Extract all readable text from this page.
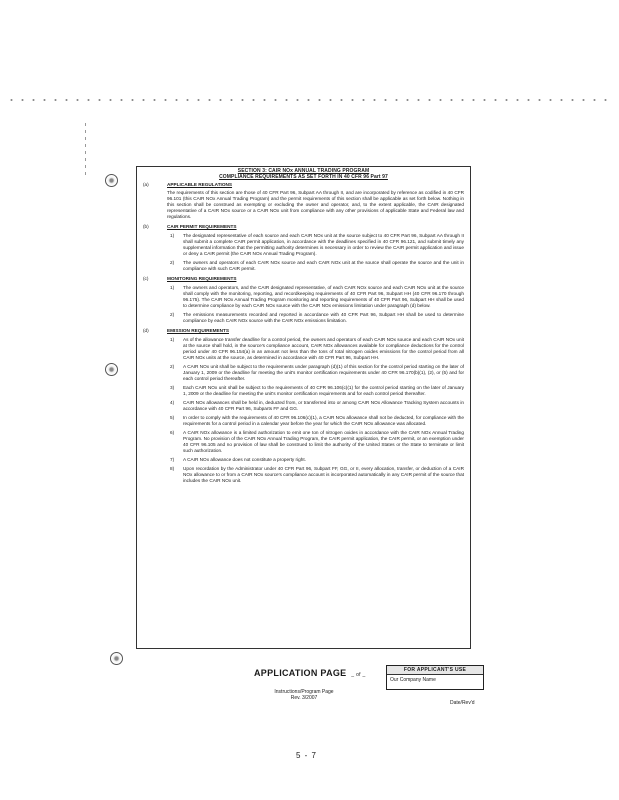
SECTION 3: CAIR NOx ANNUAL TRADING PROGRAM
COMPLIANCE REQUIREMENTS AS SET FORTH IN 40 CFR 96 Part 97
(a)	APPLICABLE REGULATIONS
The requirements of this section are those of 40 CFR Part 96, Subpart AA through II, and are incorporated by reference as codified in 40 CFR 96.101 (this CAIR NOx Annual Trading Program) and the permit requirements of this section shall be applicable as set forth below. Nothing in this section shall be construed as exempting or excluding the owner and operator, and, to the extent applicable, the CAIR designated representative of a CAIR NOx source or a CAIR NOx unit from compliance with any other provisions of applicable State and Federal law and regulations.
(b)	CAIR PERMIT REQUIREMENTS
1) The designated representative of each source and each CAIR NOx unit at the source subject to 40 CFR Part 96, Subpart AA through II shall submit a complete CAIR permit application, in accordance with the deadlines specified in 40 CFR 96.121, and submit timely any supplemental information that the permitting authority determines is necessary in order to review the CAIR permit application and issue or deny a CAIR permit (the CAIR NOx Annual Trading Program).
2) The owners and operators of each CAIR NOx source and each CAIR NOx unit at the source shall operate the source and the unit in compliance with such CAIR permit.
(c)	MONITORING REQUIREMENTS
1) The owners and operators, and the CAIR designated representative, of each CAIR NOx source and each CAIR NOx unit at the source shall comply with the monitoring, reporting, and recordkeeping requirements of 40 CFR Part 96, Subpart HH (40 CFR 96.170 through 96.175). The CAIR NOx Annual Trading Program monitoring and reporting requirements of 40 CFR Part 96, Subpart HH shall be used to determine compliance by each CAIR NOx source with the CAIR NOx emissions limitation under paragraph (d) below.
2) The emissions measurements recorded and reported in accordance with 40 CFR Part 96, Subpart HH shall be used to determine compliance by each CAIR NOx source with the CAIR NOx emissions limitation.
(d)	EMISSION REQUIREMENTS
1) As of the allowance transfer deadline for a control period, the owners and operators of each CAIR NOx source and each CAIR NOx unit at the source shall hold, in the source's compliance account, CAIR NOx allowances available for compliance deductions for the control period under 40 CFR 96.154(a) in an amount not less than the tons of total nitrogen oxides emissions for the control period from all CAIR NOx units at the source, as determined in accordance with 40 CFR Part 96, Subpart HH.
2) A CAIR NOx unit shall be subject to the requirements under paragraph (d)(1) of this section for the control period starting on the later of January 1, 2009 or the deadline for meeting the unit's monitor certification requirements under 40 CFR 96.170(b)(1), (2), or (5) and for each control period thereafter.
3) Each CAIR NOx unit shall be subject to the requirements of 40 CFR 96.106(c)(1) for the control period starting on the later of January 1, 2009 or the deadline for meeting the unit's monitor certification requirements and for each control period thereafter.
4) CAIR NOx allowances shall be held in, deducted from, or transferred into or among CAIR NOx Allowance Tracking System accounts in accordance with 40 CFR Part 96, Subparts FF and GG.
5) In order to comply with the requirements of 40 CFR 96.106(c)(1), a CAIR NOx allowance shall not be deducted, for compliance with the requirements for a control period in a calendar year before the year for which the CAIR NOx allowance was allocated.
6) A CAIR NOx allowance is a limited authorization to emit one ton of nitrogen oxides in accordance with the CAIR NOx Annual Trading Program. No provision of the CAIR NOx Annual Trading Program, the CAIR permit application, the CAIR permit, or an exemption under 40 CFR 96.105 and no provision of law shall be construed to limit the authority of the United States or the State to terminate or limit such authorization.
7) A CAIR NOx allowance does not constitute a property right.
8) Upon recordation by the Administrator under 40 CFR Part 96, Subpart FF, GG, or II, every allocation, transfer, or deduction of a CAIR NOx allowance to or from a CAIR NOx source's compliance account is incorporated automatically in any CAIR permit of the source that includes the CAIR NOx unit.
APPLICATION PAGE _ of _
FOR APPLICANT'S USE
Our Company Name
Instructions/Program Page
Rev. 3/2007
Date/Rev'd
5 - 7
